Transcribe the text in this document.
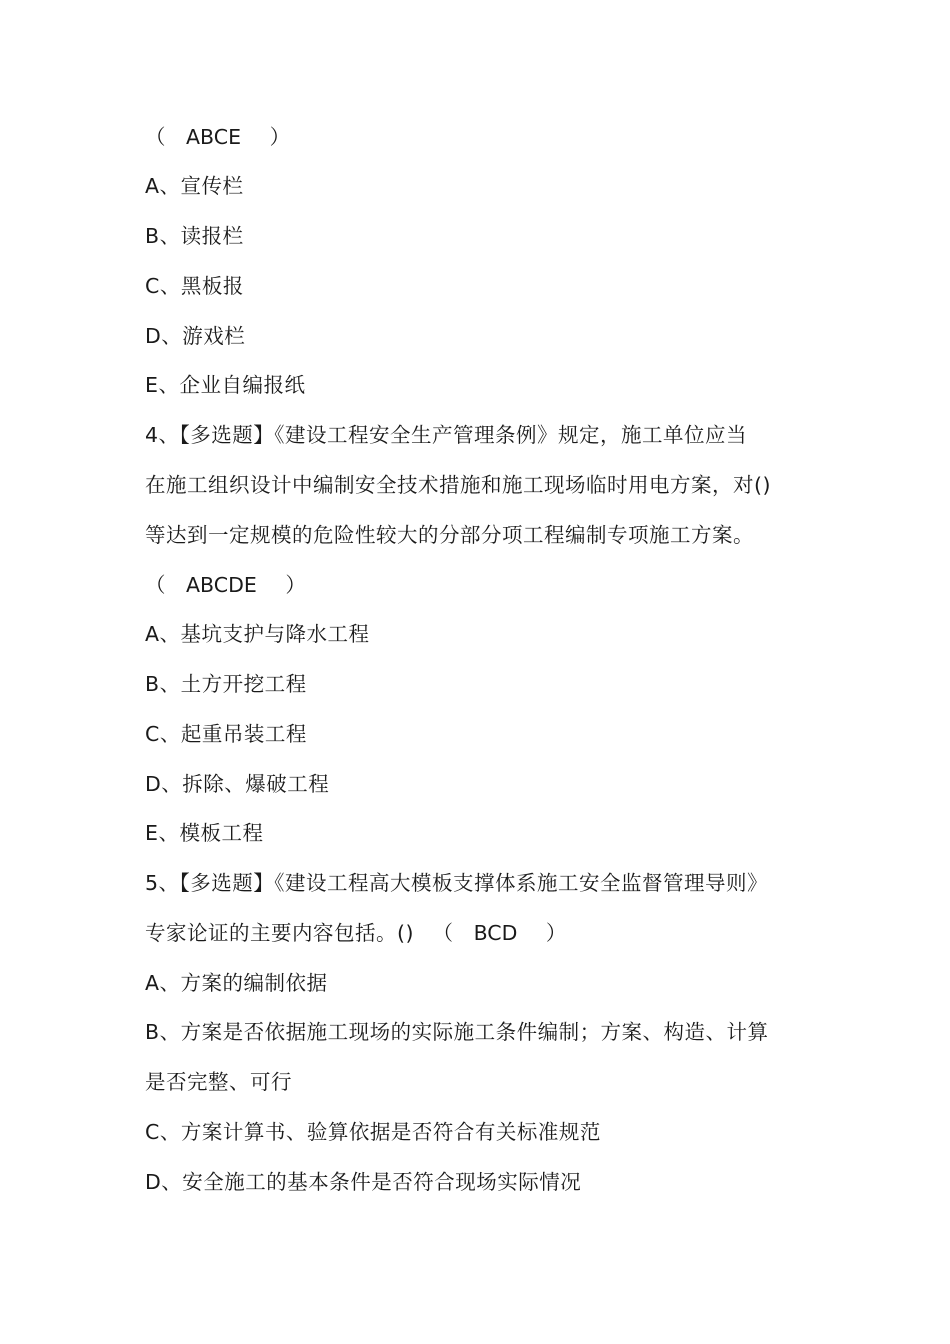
（ ABCE ）
A、宣传栏
B、读报栏
C、黑板报
D、游戏栏
E、企业自编报纸
4、【多选题】《建设工程安全生产管理条例》规定，施工单位应当
在施工组织设计中编制安全技术措施和施工现场临时用电方案，对()
等达到一定规模的危险性较大的分部分项工程编制专项施工方案。
（ ABCDE ）
A、基坑支护与降水工程
B、土方开挖工程
C、起重吊装工程
D、拆除、爆破工程
E、模板工程
5、【多选题】《建设工程高大模板支撑体系施工安全监督管理导则》
专家论证的主要内容包括。() （ BCD ）
A、方案的编制依据
B、方案是否依据施工现场的实际施工条件编制；方案、构造、计算
是否完整、可行
C、方案计算书、验算依据是否符合有关标准规范
D、安全施工的基本条件是否符合现场实际情况
